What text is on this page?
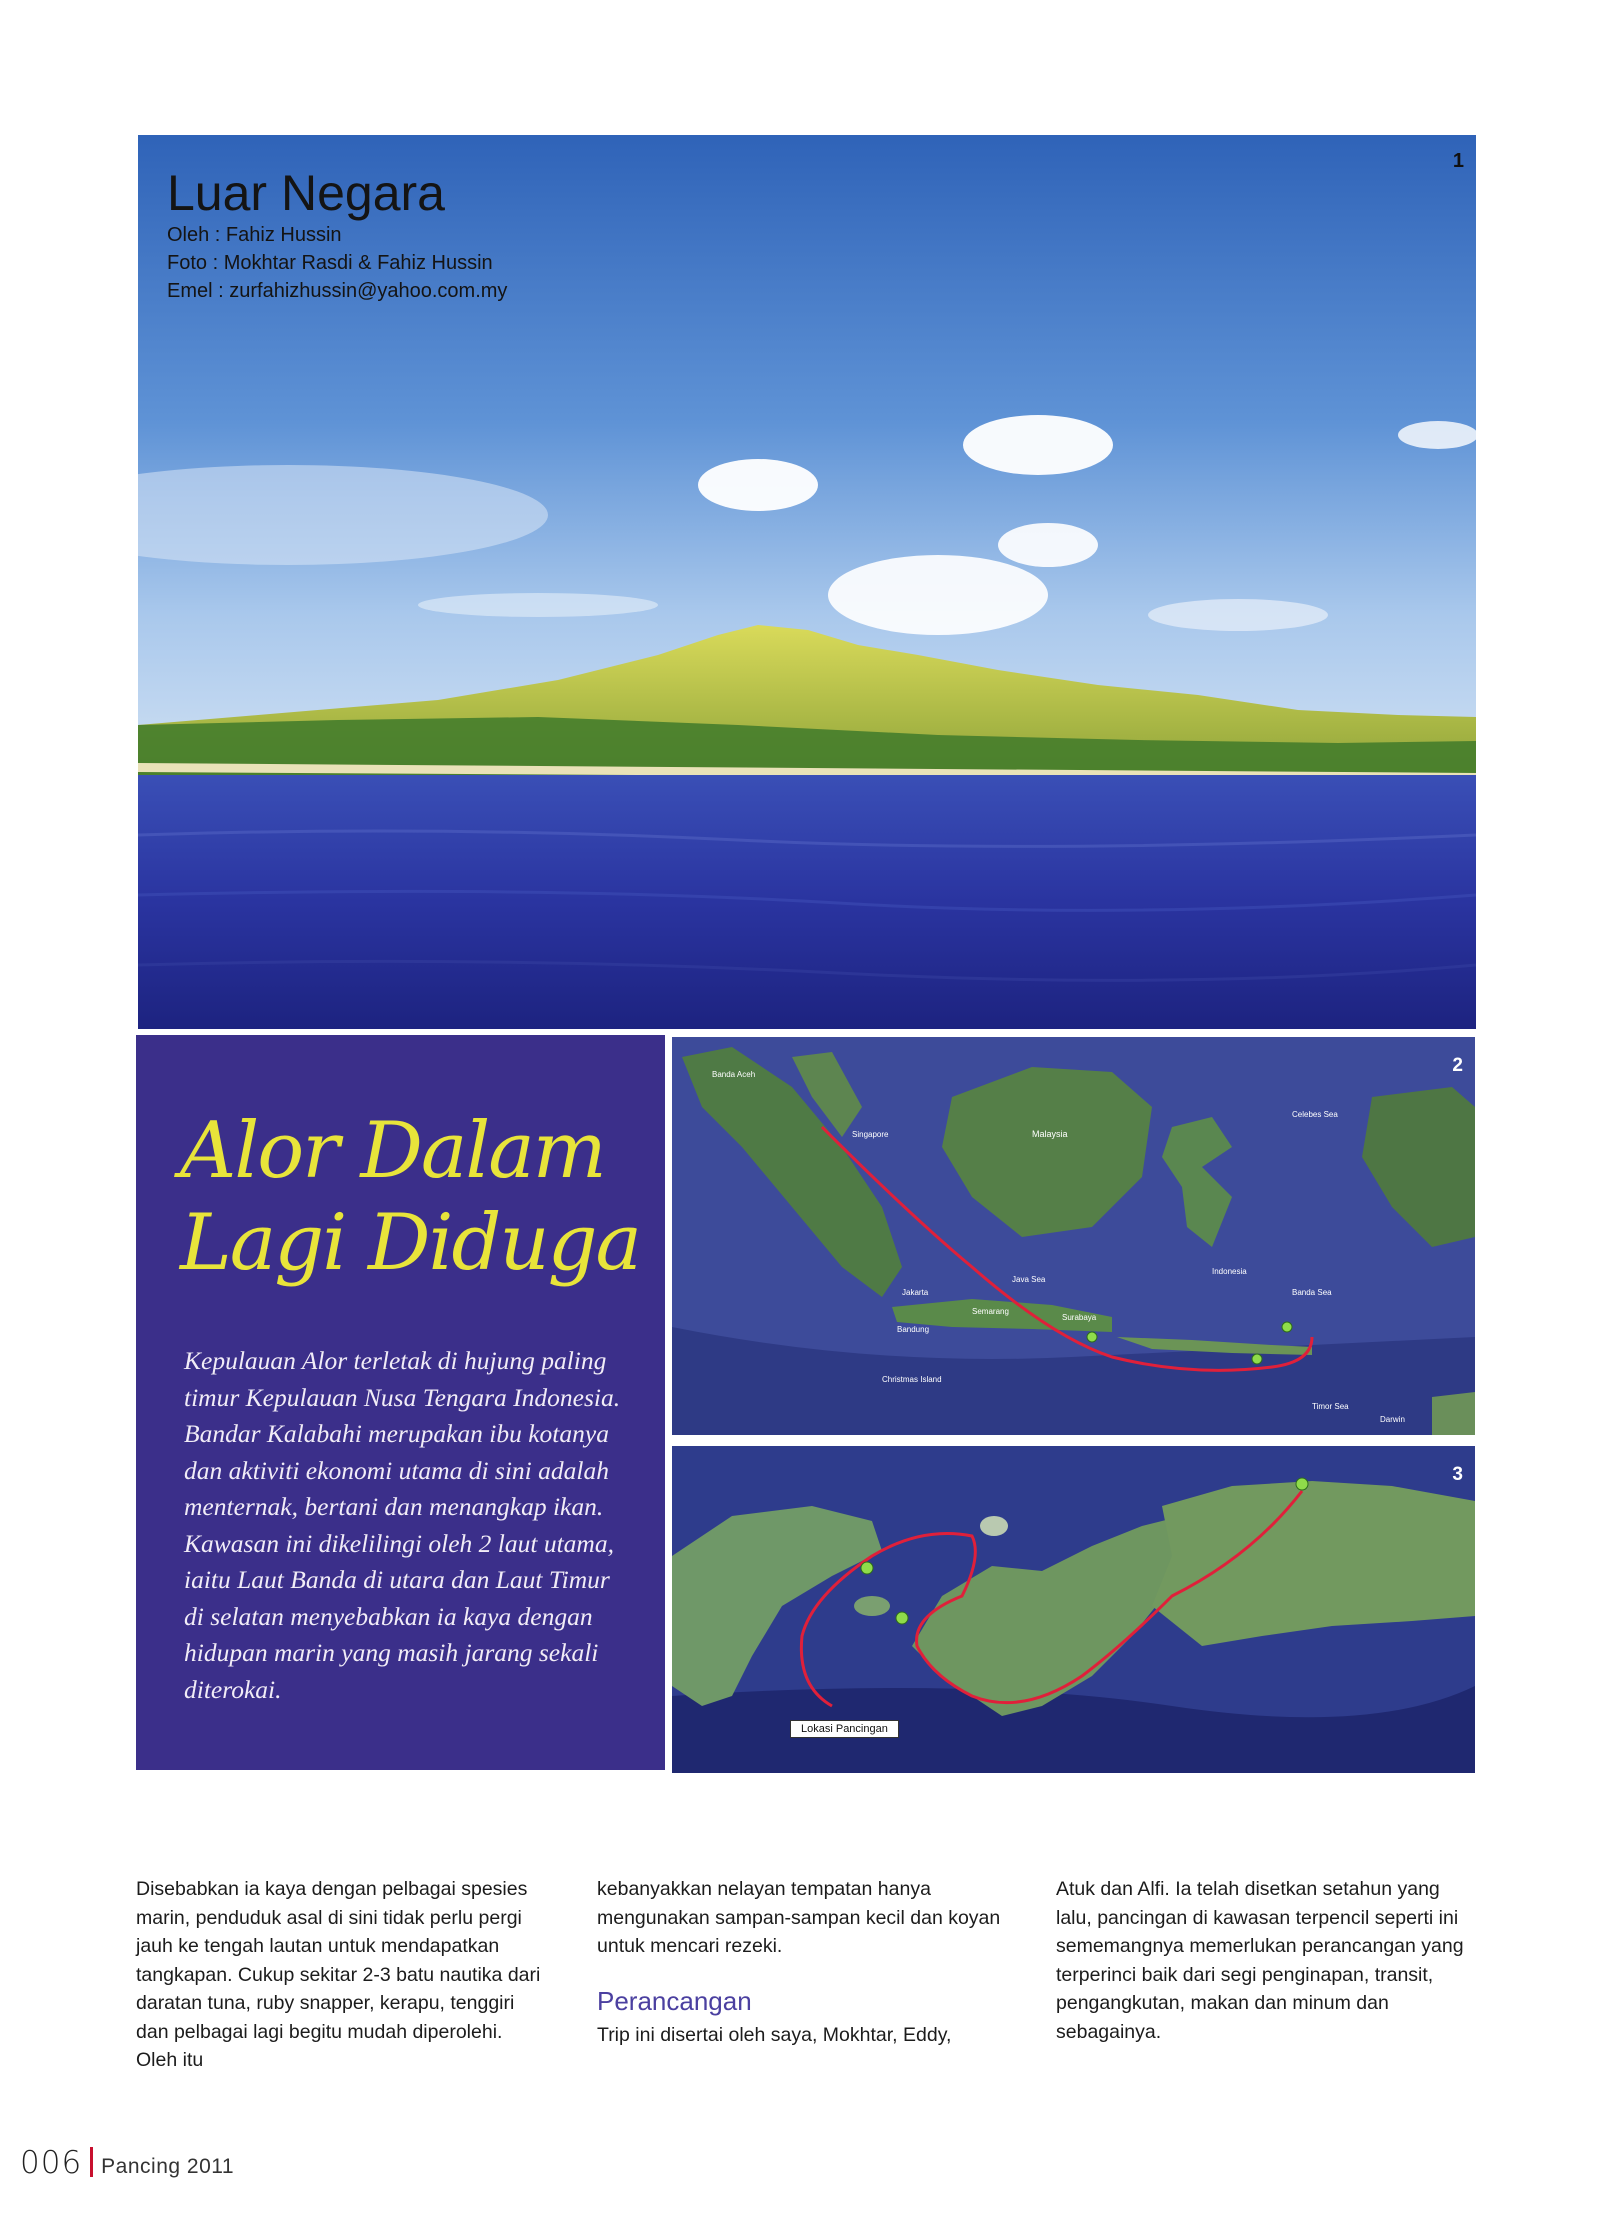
Luar Negara
Oleh : Fahiz Hussin
Foto : Mokhtar Rasdi & Fahiz Hussin
Emel : zurfahizhussin@yahoo.com.my
1
Alor Dalam
Lagi Diduga
Kepulauan Alor terletak di hujung paling timur Kepulauan Nusa Tengara Indonesia. Bandar Kalabahi merupakan ibu kotanya dan aktiviti ekonomi utama di sini adalah menternak, bertani dan menangkap ikan. Kawasan ini dikelilingi oleh 2 laut utama, iaitu Laut Banda di utara dan Laut Timur di selatan menyebabkan ia kaya dengan hidupan marin yang masih jarang sekali diterokai.
Malaysia
Banda Aceh
Singapore
Celebes Sea
Java Sea
Jakarta
Bandung
Semarang
Surabaya
Indonesia
Banda Sea
Timor Sea
Darwin
Christmas Island
2
Lokasi Pancingan
3
Disebabkan ia kaya dengan pelbagai spesies marin, penduduk asal di sini tidak perlu pergi jauh ke tengah lautan untuk mendapatkan tangkapan. Cukup sekitar 2-3 batu nautika dari daratan tuna, ruby snapper, kerapu, tenggiri dan pelbagai lagi begitu mudah diperolehi. Oleh itu
kebanyakkan nelayan tempatan hanya mengunakan sampan-sampan kecil dan koyan untuk mencari rezeki.
Perancangan
Trip ini disertai oleh saya, Mokhtar, Eddy,
Atuk dan Alfi. Ia telah disetkan setahun yang lalu, pancingan di kawasan terpencil seperti ini sememangnya memerlukan perancangan yang terperinci baik dari segi penginapan, transit, pengangkutan, makan dan minum dan sebagainya.
006 Pancing 2011
